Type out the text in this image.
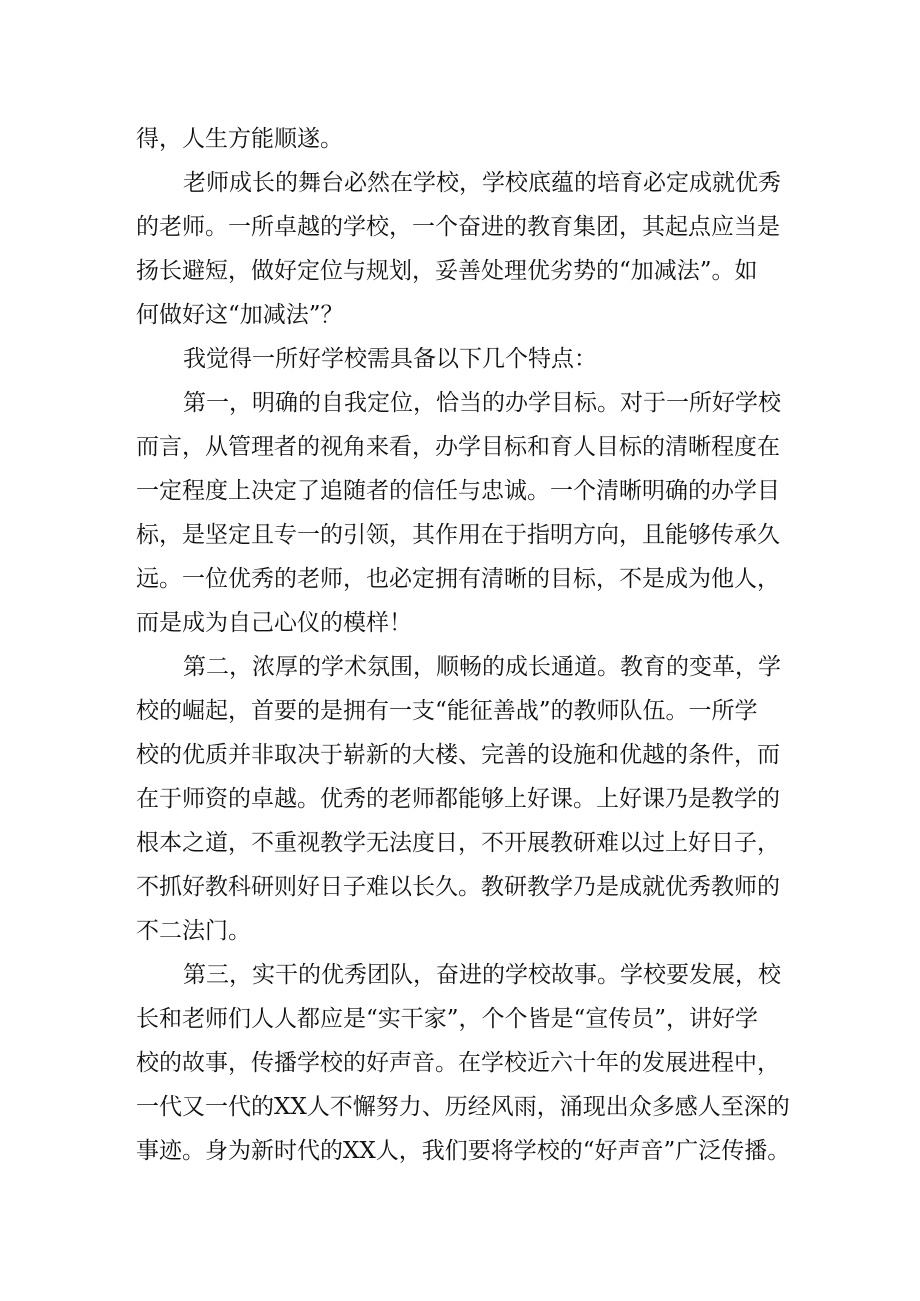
得，人生方能顺遂。
老师成长的舞台必然在学校，学校底蕴的培育必定成就优秀
的老师。一所卓越的学校，一个奋进的教育集团，其起点应当是
扬长避短，做好定位与规划，妥善处理优劣势的“加减法”。如
何做好这“加减法”？
我觉得一所好学校需具备以下几个特点：
第一，明确的自我定位，恰当的办学目标。对于一所好学校
而言，从管理者的视角来看，办学目标和育人目标的清晰程度在
一定程度上决定了追随者的信任与忠诚。一个清晰明确的办学目
标，是坚定且专一的引领，其作用在于指明方向，且能够传承久
远。一位优秀的老师，也必定拥有清晰的目标，不是成为他人，
而是成为自己心仪的模样！
第二，浓厚的学术氛围，顺畅的成长通道。教育的变革，学
校的崛起，首要的是拥有一支“能征善战”的教师队伍。一所学
校的优质并非取决于崭新的大楼、完善的设施和优越的条件，而
在于师资的卓越。优秀的老师都能够上好课。上好课乃是教学的
根本之道，不重视教学无法度日，不开展教研难以过上好日子，
不抓好教科研则好日子难以长久。教研教学乃是成就优秀教师的
不二法门。
第三，实干的优秀团队，奋进的学校故事。学校要发展，校
长和老师们人人都应是“实干家”，个个皆是“宣传员”，讲好学
校的故事，传播学校的好声音。在学校近六十年的发展进程中，
一代又一代的XX人不懈努力、历经风雨，涌现出众多感人至深的
事迹。身为新时代的XX人，我们要将学校的“好声音”广泛传播。
